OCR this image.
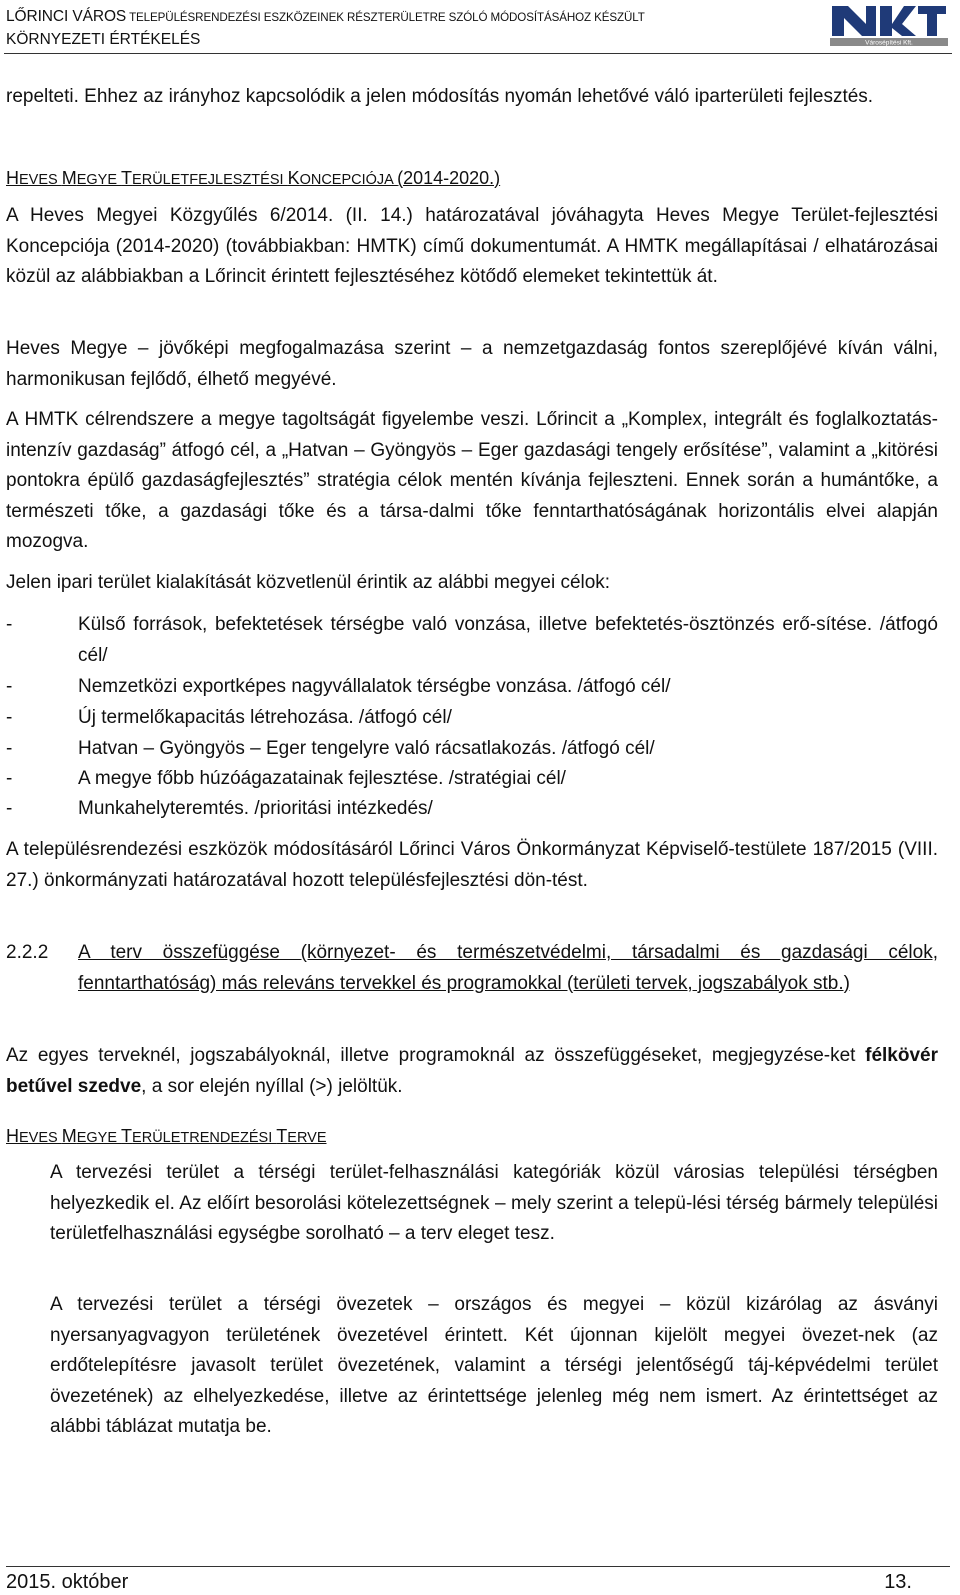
LŐRINCI VÁROS TELEPÜLÉSRENDEZÉSI ESZKÖZEINEK RÉSZTERÜLETRE SZÓLÓ MÓDOSÍTÁSÁHOZ KÉSZÜLT
KÖRNYEZETI ÉRTÉKELÉS	Városépítési Kft.

repelteti. Ehhez az irányhoz kapcsolódik a jelen módosítás nyomán lehetővé váló iparterületi fejlesztés.

HEVES MEGYE TERÜLETFEJLESZTÉSI KONCEPCIÓJA (2014-2020.)

A Heves Megyei Közgyűlés 6/2014. (II. 14.) határozatával jóváhagyta Heves Megye Terület-fejlesztési Koncepciója (2014-2020) (továbbiakban: HMTK) című dokumentumát. A HMTK megállapításai / elhatározásai közül az alábbiakban a Lőrincit érintett fejlesztéséhez kötődő elemeket tekintettük át.

Heves Megye – jövőképi megfogalmazása szerint – a nemzetgazdaság fontos szereplőjévé kíván válni, harmonikusan fejlődő, élhető megyévé.

A HMTK célrendszere a megye tagoltságát figyelembe veszi. Lőrincit a „Komplex, integrált és foglalkoztatás-intenzív gazdaság” átfogó cél, a „Hatvan – Gyöngyös – Eger gazdasági tengely erősítése”, valamint a „kitörési pontokra épülő gazdaságfejlesztés” stratégia célok mentén kívánja fejleszteni. Ennek során a humántőke, a természeti tőke, a gazdasági tőke és a társa-dalmi tőke fenntarthatóságának horizontális elvei alapján mozogva.

Jelen ipari terület kialakítását közvetlenül érintik az alábbi megyei célok:

-	Külső források, befektetések térségbe való vonzása, illetve befektetés-ösztönzés erő-sítése. /átfogó cél/
-	Nemzetközi exportképes nagyvállalatok térségbe vonzása. /átfogó cél/
-	Új termelőkapacitás létrehozása. /átfogó cél/
-	Hatvan – Gyöngyös – Eger tengelyre való rácsatlakozás. /átfogó cél/
-	A megye főbb húzóágazatainak fejlesztése. /stratégiai cél/
-	Munkahelyteremtés. /prioritási intézkedés/

A településrendezési eszközök módosításáról Lőrinci Város Önkormányzat Képviselő-testülete 187/2015 (VIII. 27.) önkormányzati határozatával hozott településfejlesztési dön-tést.

2.2.2 A terv összefüggése (környezet- és természetvédelmi, társadalmi és gazdasági célok, fenntarthatóság) más releváns tervekkel és programokkal (területi tervek, jogszabályok stb.)

Az egyes terveknél, jogszabályoknál, illetve programoknál az összefüggéseket, megjegyzése-ket félkövér betűvel szedve, a sor elején nyíllal (>) jelöltük.

HEVES MEGYE TERÜLETRENDEZÉSI TERVE

A tervezési terület a térségi terület-felhasználási kategóriák közül városias települési térségben helyezkedik el. Az előírt besorolási kötelezettségnek – mely szerint a telepü-lési térség bármely települési területfelhasználási egységbe sorolható – a terv eleget tesz.

A tervezési terület a térségi övezetek – országos és megyei – közül kizárólag az ásványi nyersanyagvagyon területének övezetével érintett. Két újonnan kijelölt megyei övezet-nek (az erdőtelepítésre javasolt terület övezetének, valamint a térségi jelentőségű táj-képvédelmi terület övezetének) az elhelyezkedése, illetve az érintettsége jelenleg még nem ismert. Az érintettséget az alábbi táblázat mutatja be.

2015. október	13.
